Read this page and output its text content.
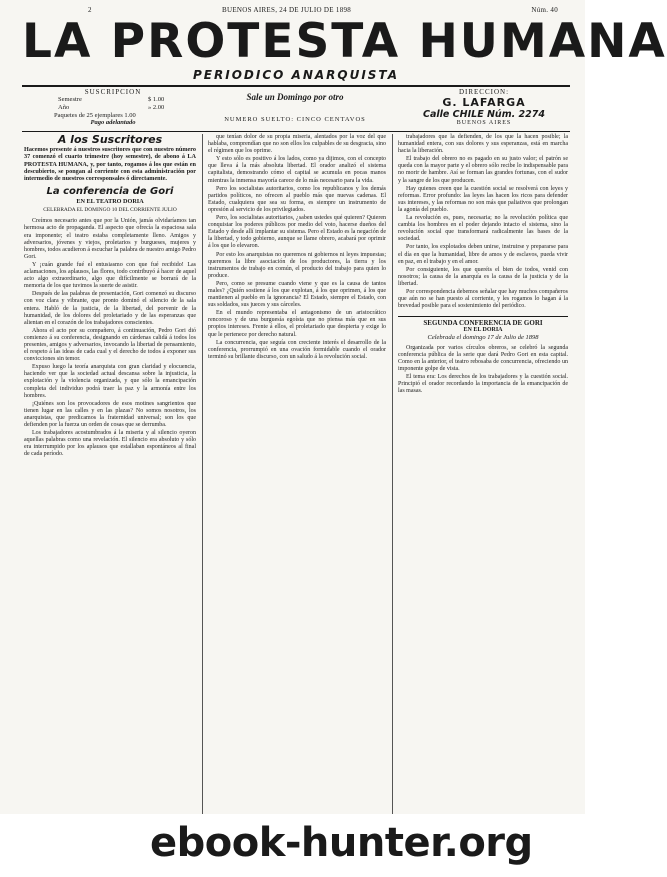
2	BUENOS AIRES, 24 DE JULIO DE 1898	Núm. 40
LA PROTESTA HUMANA
PERIODICO ANARQUISTA
SUSCRIPCION
Semestre	$ 1.00
Año	» 2.00
Paquetes de 25 ejemplares 1.00
Pago adelantado
Sale un Domingo por otro
NUMERO SUELTO: CINCO CENTAVOS
DIRECCION:
G. LAFARGA
Calle CHILE Núm. 2274
BUENOS AIRES
A los Suscritores
Hacemos presente á nuestros suscritores que con nuestro número 37 comenzó el cuarto trimestre (hoy semestre), de abono á LA PROTESTA HUMANA, y, por tanto, rogamos á los que están en descubierto, se pongan al corriente con esta administración por intermedio de nuestros corresponsales ó directamente.
La conferencia de Gori
EN EL TEATRO DORIA
CELEBRADA EL DOMINGO 10 DEL CORRIENTE JULIO

Creímos necesario antes que por la Unión, jamás olvidaríamos tan hermosa acto de propaganda. El aspecto que ofrecía la espaciosa sala era imponente; el teatro estaba completamente lleno. Amigos y adversarios, jóvenes y viejos, proletarios y burgueses, mujeres y hombres, todos acudieron á escuchar la palabra de nuestro amigo Pedro Gori.

Y ¡cuán grande fué el entusiasmo con que fué recibido! Las aclamaciones, los aplausos, las flores, todo contribuyó á hacer de aquel acto algo extraordinario, algo que difícilmente se borrará de la memoria de los que tuvimos la suerte de asistir.

Después de las palabras de presentación, Gori comenzó su discurso con voz clara y vibrante, que pronto dominó el silencio de la sala entera. Habló de la justicia, de la libertad, del porvenir de la humanidad, de los dolores del proletariado y de las esperanzas que alientan en el corazón de los trabajadores conscientes.

Ahora el acto por su compañero, á continuación, Pedro Gori dió comienzo á su conferencia, designando en cárdenas calidá á todos los presentes, amigos y adversarios, invocando la libertad de pensamiento, el respeto á las ideas de cada cual y el derecho de todos á exponer sus convicciones sin temor.

Expuso luego la teoría anarquista con gran claridad y elocuencia, haciendo ver que la sociedad actual descansa sobre la injusticia, la explotación y la violencia organizada, y que sólo la emancipación completa del individuo podrá traer la paz y la armonía entre los hombres.

¡Quiénes son los provocadores de esos motines sangrientos que tienen lugar en las calles y en las plazas? No somos nosotros, los anarquistas, que predicamos la fraternidad universal; son los que defienden por la fuerza un orden de cosas que se derrumba.

Los trabajadores acostumbrados á la miseria y al silencio oyeron aquellas palabras como una revelación. El silencio era absoluto y sólo era interrumpido por los aplausos que estallaban espontáneos al final de cada período.

que tenían dolor de su propia miseria, alentados por la voz del que hablaba, comprendían que no son ellos los culpables de su desgracia, sino el régimen que los oprime.

Y esto sólo es positivo á los lados, como ya dijimos, con el concepto que lleva á la más absoluta libertad. El orador analizó el sistema capitalista, demostrando cómo el capital se acumula en pocas manos mientras la inmensa mayoría carece de lo más necesario para la vida.

Pero los socialistas autoritarios, como los republicanos y los demás partidos políticos, no ofrecen al pueblo más que nuevas cadenas. El Estado, cualquiera que sea su forma, es siempre un instrumento de opresión al servicio de los privilegiados.

Pero, los socialistas autoritarios, ¿saben ustedes qué quieren? Quieren conquistar los poderes públicos por medio del voto, hacerse dueños del Estado y desde allí implantar su sistema. Pero el Estado es la negación de la libertad, y todo gobierno, aunque se llame obrero, acabará por oprimir á los que lo elevaron.

Por esto los anarquistas no queremos ni gobiernos ni leyes impuestas; queremos la libre asociación de los productores, la tierra y los instrumentos de trabajo en común, el producto del trabajo para quien lo produce.

Pero, como se presume cuando viene y que es la causa de tantos males? ¿Quién sostiene á los que explotan, á los que oprimen, á los que mantienen al pueblo en la ignorancia? El Estado, siempre el Estado, con sus soldados, sus jueces y sus cárceles.

En el mundo representaba el antagonismo de un aristocrático rencoroso y de una burguesía egoísta que no piensa más que en sus propios intereses. Frente á ellos, el proletariado que despierta y exige lo que le pertenece por derecho natural.

La concurrencia, que seguía con creciente interés el desarrollo de la conferencia, prorrumpió en una ovación formidable cuando el orador terminó su brillante discurso, con un saludo á la revolución social.

trabajadores que la defienden, de los que la hacen posible; la humanidad entera, con sus dolores y sus esperanzas, está en marcha hacia la liberación.

El trabajo del obrero no es pagado en su justo valor; el patrón se queda con la mayor parte y el obrero sólo recibe lo indispensable para no morir de hambre. Así se forman las grandes fortunas, con el sudor y la sangre de los que producen.

Hay quienes creen que la cuestión social se resolverá con leyes y reformas. Error profundo: las leyes las hacen los ricos para defender sus intereses, y las reformas no son más que paliativos que prolongan la agonía del pueblo.

La revolución es, pues, necesaria; no la revolución política que cambia los hombres en el poder dejando intacto el sistema, sino la revolución social que transformará radicalmente las bases de la sociedad.

Por tanto, los explotados deben unirse, instruirse y prepararse para el día en que la humanidad, libre de amos y de esclavos, pueda vivir en paz, en el trabajo y en el amor.

Por consiguiente, los que queréis el bien de todos, venid con nosotros; la causa de la anarquía es la causa de la justicia y de la libertad.

Por correspondencia debemos señalar que hay muchos compañeros que aún no se han puesto al corriente, y les rogamos lo hagan á la brevedad posible para el sostenimiento del periódico.

SEGUNDA CONFERENCIA DE GORI
EN EL DORIA
Celebrada el domingo 17 de Julio de 1898

Organizada por varios círculos obreros, se celebró la segunda conferencia pública de la serie que dará Pedro Gori en esta capital. Como en la anterior, el teatro rebosaba de concurrencia, ofreciendo un imponente golpe de vista.

El tema era: Los derechos de los trabajadores y la cuestión social. Principió el orador recordando la importancia de la emancipación de las masas.

ebook-hunter.org
